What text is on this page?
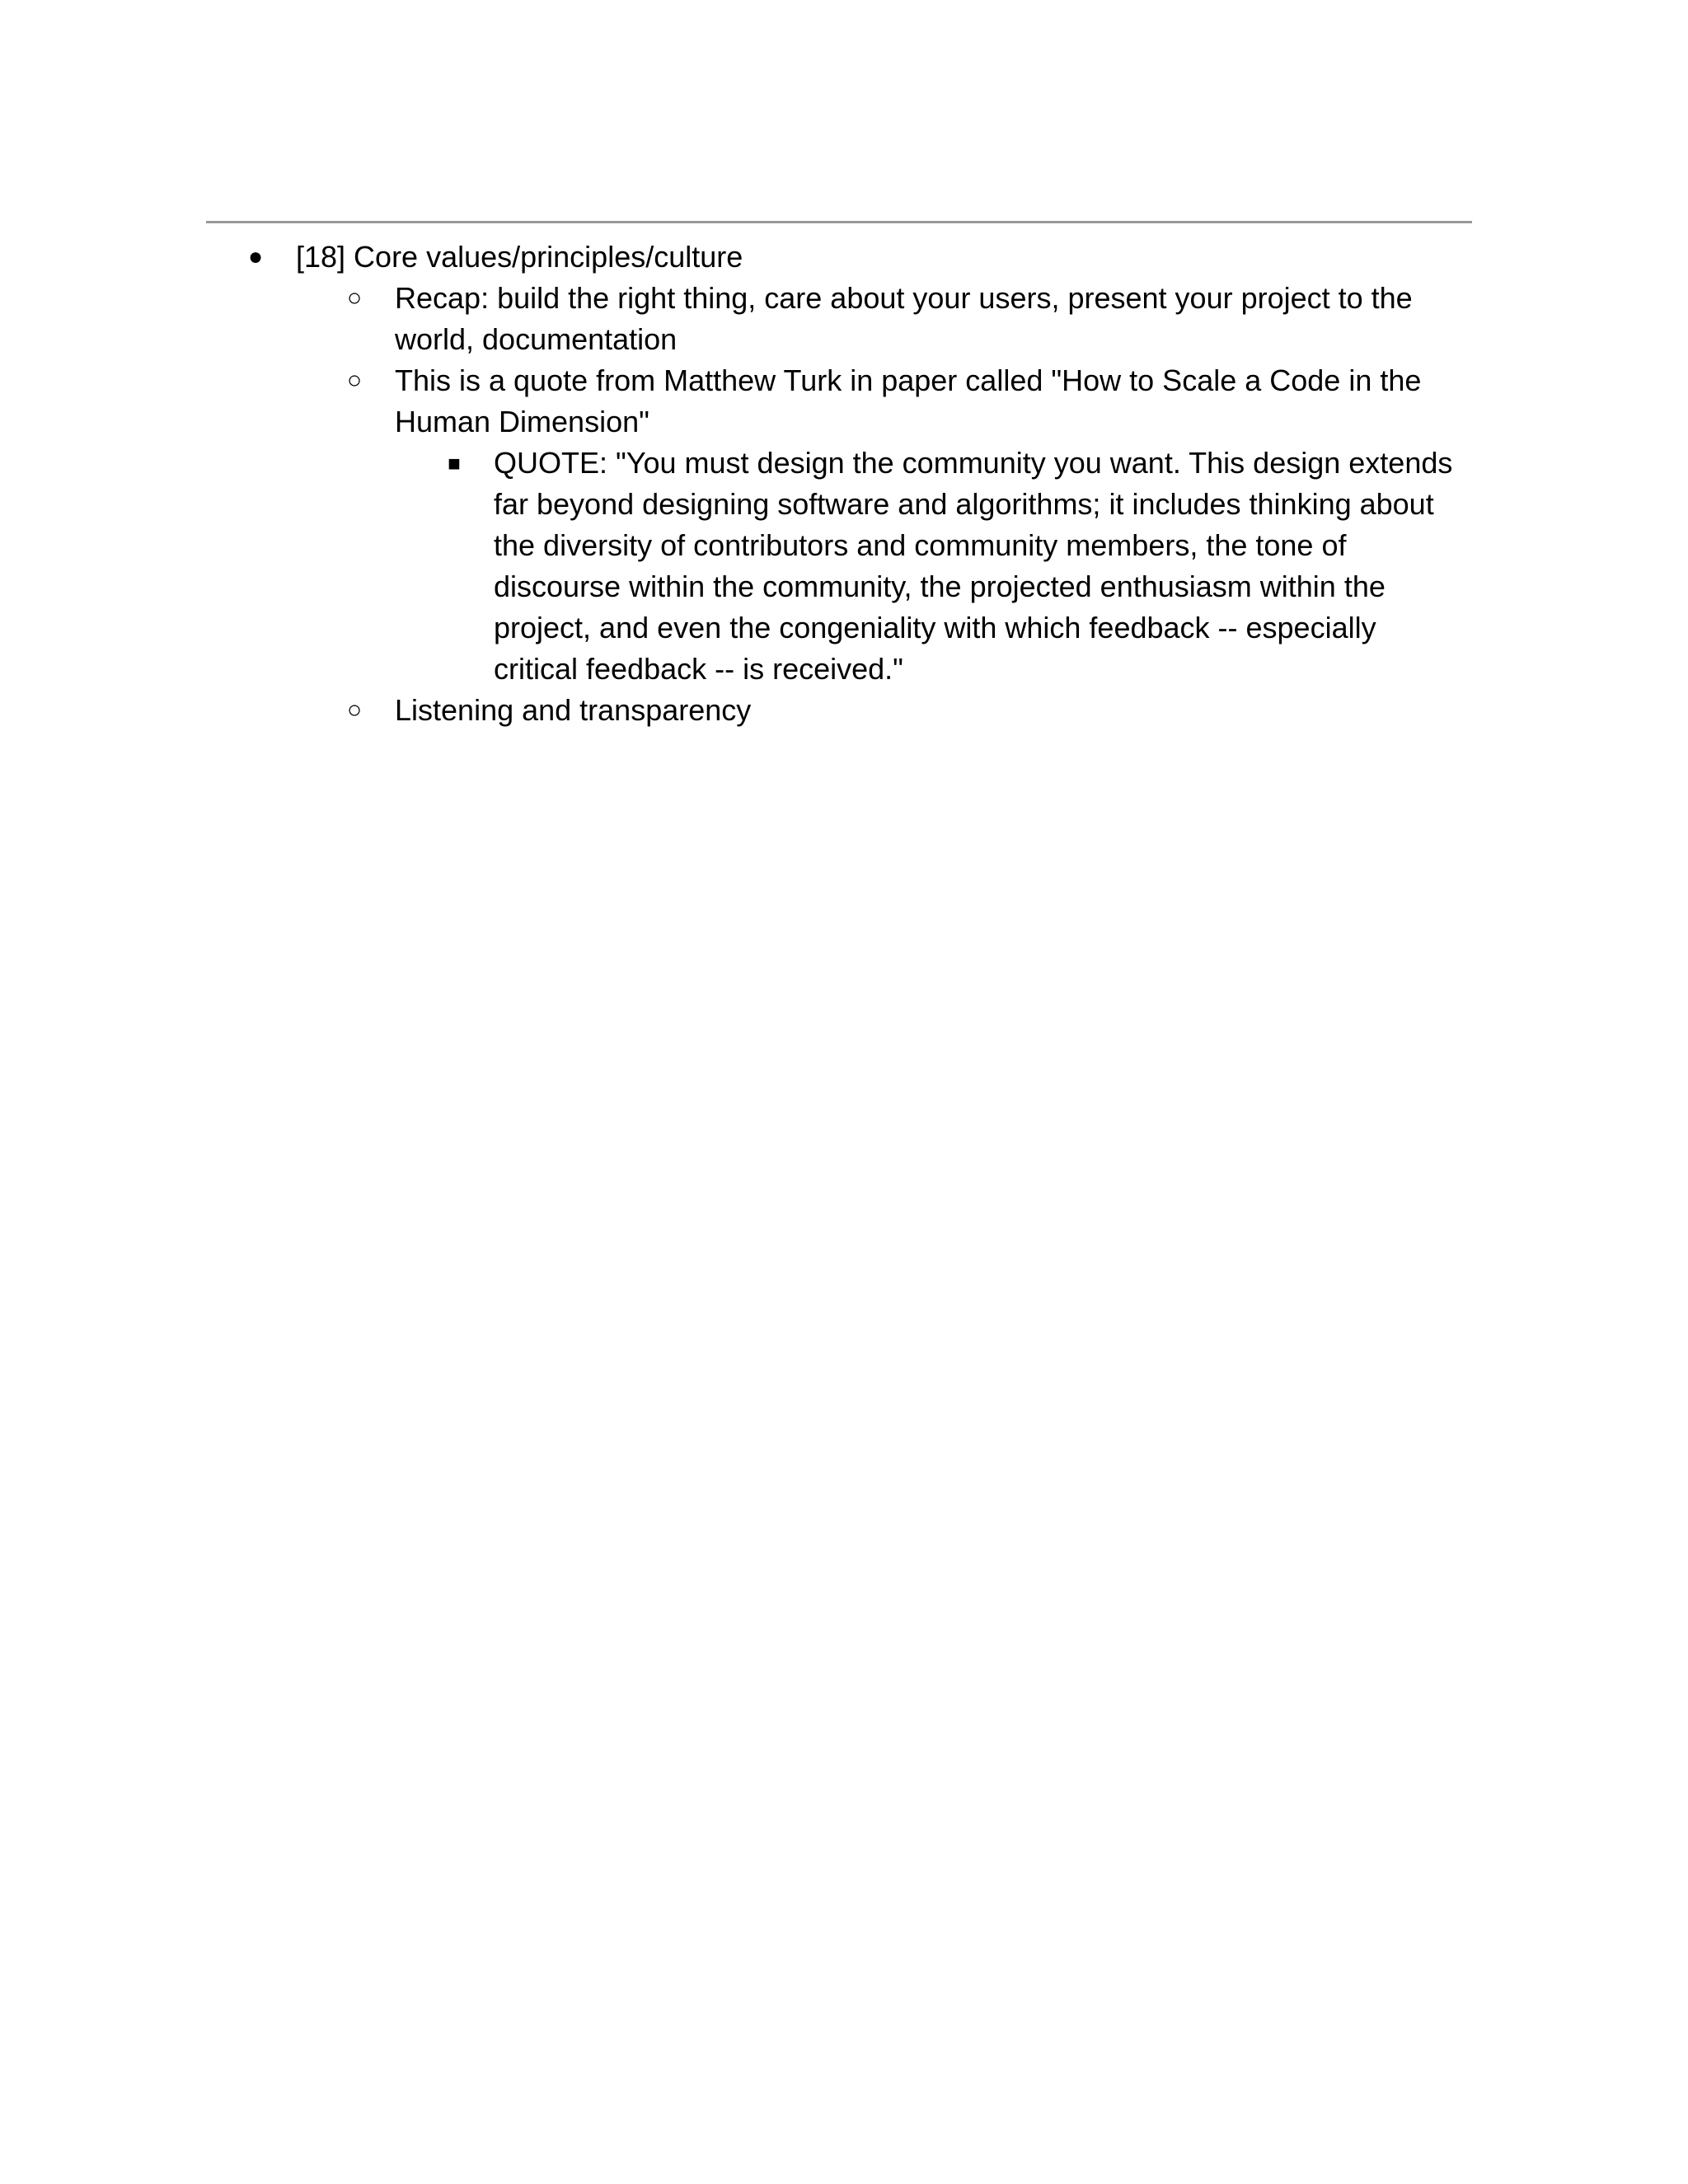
●	[18] Core values/principles/culture
○	Recap: build the right thing, care about your users, present your project to the
world, documentation
○	This is a quote from Matthew Turk in paper called "How to Scale a Code in the
Human Dimension"
■	QUOTE: "You must design the community you want. This design extends
far beyond designing software and algorithms; it includes thinking about
the diversity of contributors and community members, the tone of
discourse within the community, the projected enthusiasm within the
project, and even the congeniality with which feedback -- especially
critical feedback -- is received."
○	Listening and transparency
